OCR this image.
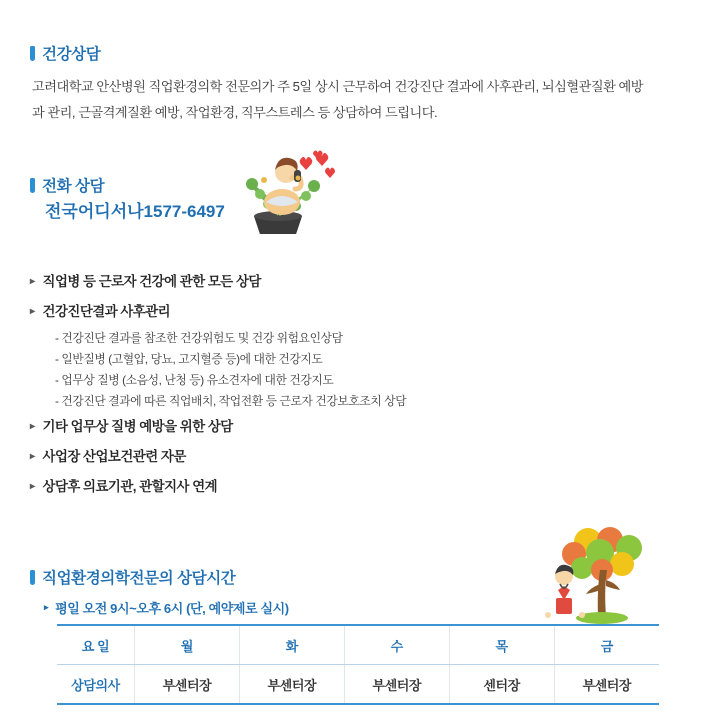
건강상담
고려대학교 안산병원 직업환경의학 전문의가 주 5일 상시 근무하여 건강진단 결과에 사후관리, 뇌심혈관질환 예방과 관리, 근골격계질환 예방, 작업환경, 직무스트레스 등 상담하여 드립니다.
전화 상담
전국어디서나1577-6497
▸ 직업병 등 근로자 건강에 관한 모든 상담
▸ 건강진단결과 사후관리
- 건강진단 결과를 참조한 건강위험도 및 건강 위험요인상담
- 일반질병 (고혈압, 당뇨, 고지혈증 등)에 대한 건강지도
- 업무상 질병 (소음성, 난청 등) 유소견자에 대한 건강지도
- 건강진단 결과에 따른 직업배치, 작업전환 등 근로자 건강보호조치 상담
▸ 기타 업무상 질병 예방을 위한 상담
▸ 사업장 산업보건관련 자문
▸ 상담후 의료기관, 관할지사 연계
직업환경의학전문의 상담시간
▸ 평일 오전 9시~오후 6시 (단, 예약제로 실시)
요 일	월	화	수	목	금
상담의사	부센터장	부센터장	부센터장	센터장	부센터장
